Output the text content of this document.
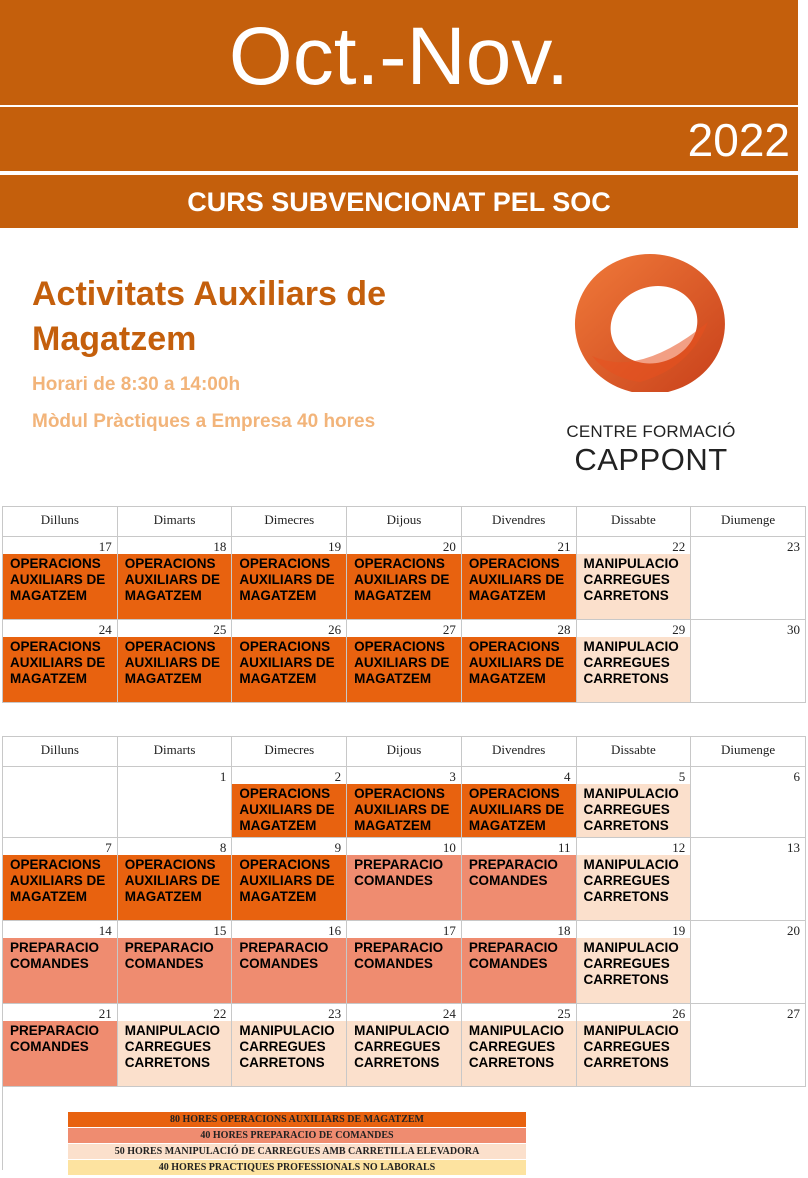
Oct.-Nov.
2022
CURS SUBVENCIONAT PEL SOC
Activitats Auxiliars de Magatzem
Horari de 8:30 a 14:00h
Mòdul Pràctiques a Empresa 40 hores	CENTRE FORMACIÓ
CAPPONT
Dilluns	Dimarts	Dimecres	Dijous	Divendres	Dissabte	Diumenge

17
OPERACIONS
AUXILIARS DE
MAGATZEM	18
OPERACIONS
AUXILIARS DE
MAGATZEM	19
OPERACIONS
AUXILIARS DE
MAGATZEM	20
OPERACIONS
AUXILIARS DE
MAGATZEM	21
OPERACIONS
AUXILIARS DE
MAGATZEM	22
MANIPULACIO
CARREGUES
CARRETONS	23

24
OPERACIONS
AUXILIARS DE
MAGATZEM	25
OPERACIONS
AUXILIARS DE
MAGATZEM	26
OPERACIONS
AUXILIARS DE
MAGATZEM	27
OPERACIONS
AUXILIARS DE
MAGATZEM	28
OPERACIONS
AUXILIARS DE
MAGATZEM	29
MANIPULACIO
CARREGUES
CARRETONS	30
Dilluns	Dimarts	Dimecres	Dijous	Divendres	Dissabte	Diumenge

	1	2
OPERACIONS
AUXILIARS DE
MAGATZEM	3
OPERACIONS
AUXILIARS DE
MAGATZEM	4
OPERACIONS
AUXILIARS DE
MAGATZEM	5
MANIPULACIO
CARREGUES
CARRETONS	6

7
OPERACIONS
AUXILIARS DE
MAGATZEM	8
OPERACIONS
AUXILIARS DE
MAGATZEM	9
OPERACIONS
AUXILIARS DE
MAGATZEM	10
PREPARACIO
COMANDES	11
PREPARACIO
COMANDES	12
MANIPULACIO
CARREGUES
CARRETONS	13

14
PREPARACIO
COMANDES	15
PREPARACIO
COMANDES	16
PREPARACIO
COMANDES	17
PREPARACIO
COMANDES	18
PREPARACIO
COMANDES	19
MANIPULACIO
CARREGUES
CARRETONS	20

21
PREPARACIO
COMANDES	22
MANIPULACIO
CARREGUES
CARRETONS	23
MANIPULACIO
CARREGUES
CARRETONS	24
MANIPULACIO
CARREGUES
CARRETONS	25
MANIPULACIO
CARREGUES
CARRETONS	26
MANIPULACIO
CARREGUES
CARRETONS	27
80 HORES OPERACIONS AUXILIARS DE MAGATZEM
40 HORES PREPARACIO DE COMANDES
50 HORES MANIPULACIÓ DE CARREGUES AMB CARRETILLA ELEVADORA
40 HORES PRACTIQUES PROFESSIONALS NO LABORALS
